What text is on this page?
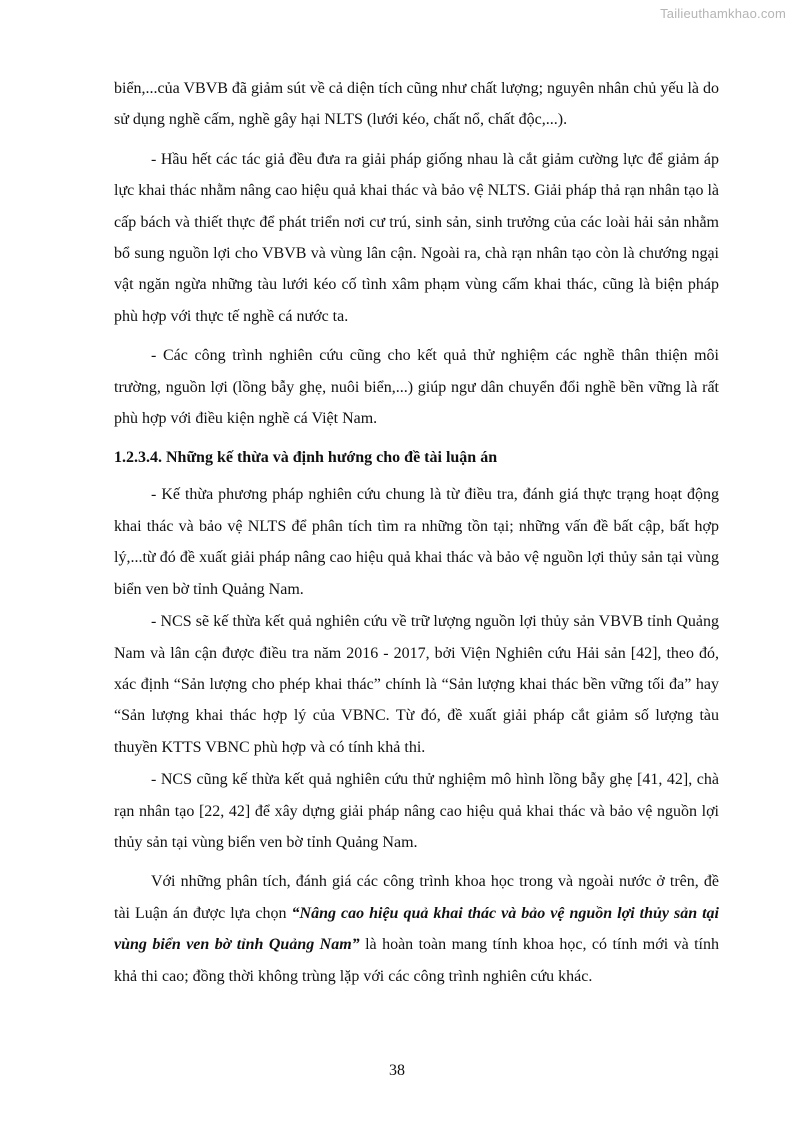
Tailieuthamkhao.com

biển,...của VBVB đã giảm sút về cả diện tích cũng như chất lượng; nguyên nhân chủ yếu là do sử dụng nghề cấm, nghề gây hại NLTS (lưới kéo, chất nổ, chất độc,...).

- Hầu hết các tác giả đều đưa ra giải pháp giống nhau là cắt giảm cường lực để giảm áp lực khai thác nhằm nâng cao hiệu quả khai thác và bảo vệ NLTS. Giải pháp thả rạn nhân tạo là cấp bách và thiết thực để phát triển nơi cư trú, sinh sản, sinh trưởng của các loài hải sản nhằm bổ sung nguồn lợi cho VBVB và vùng lân cận. Ngoài ra, chà rạn nhân tạo còn là chướng ngại vật ngăn ngừa những tàu lưới kéo cố tình xâm phạm vùng cấm khai thác, cũng là biện pháp phù hợp với thực tế nghề cá nước ta.

- Các công trình nghiên cứu cũng cho kết quả thử nghiệm các nghề thân thiện môi trường, nguồn lợi (lồng bẫy ghẹ, nuôi biển,...) giúp ngư dân chuyển đổi nghề bền vững là rất phù hợp với điều kiện nghề cá Việt Nam.

1.2.3.4. Những kế thừa và định hướng cho đề tài luận án

- Kế thừa phương pháp nghiên cứu chung là từ điều tra, đánh giá thực trạng hoạt động khai thác và bảo vệ NLTS để phân tích tìm ra những tồn tại; những vấn đề bất cập, bất hợp lý,...từ đó đề xuất giải pháp nâng cao hiệu quả khai thác và bảo vệ nguồn lợi thủy sản tại vùng biển ven bờ tỉnh Quảng Nam.

- NCS sẽ kế thừa kết quả nghiên cứu về trữ lượng nguồn lợi thủy sản VBVB tỉnh Quảng Nam và lân cận được điều tra năm 2016 - 2017, bởi Viện Nghiên cứu Hải sản [42], theo đó, xác định “Sản lượng cho phép khai thác” chính là “Sản lượng khai thác bền vững tối đa” hay “Sản lượng khai thác hợp lý của VBNC. Từ đó, đề xuất giải pháp cắt giảm số lượng tàu thuyền KTTS VBNC phù hợp và có tính khả thi.

- NCS cũng kế thừa kết quả nghiên cứu thử nghiệm mô hình lồng bẫy ghẹ [41, 42], chà rạn nhân tạo [22, 42] để xây dựng giải pháp nâng cao hiệu quả khai thác và bảo vệ nguồn lợi thủy sản tại vùng biển ven bờ tỉnh Quảng Nam.

Với những phân tích, đánh giá các công trình khoa học trong và ngoài nước ở trên, đề tài Luận án được lựa chọn “Nâng cao hiệu quả khai thác và bảo vệ nguồn lợi thủy sản tại vùng biển ven bờ tỉnh Quảng Nam” là hoàn toàn mang tính khoa học, có tính mới và tính khả thi cao; đồng thời không trùng lặp với các công trình nghiên cứu khác.

38
